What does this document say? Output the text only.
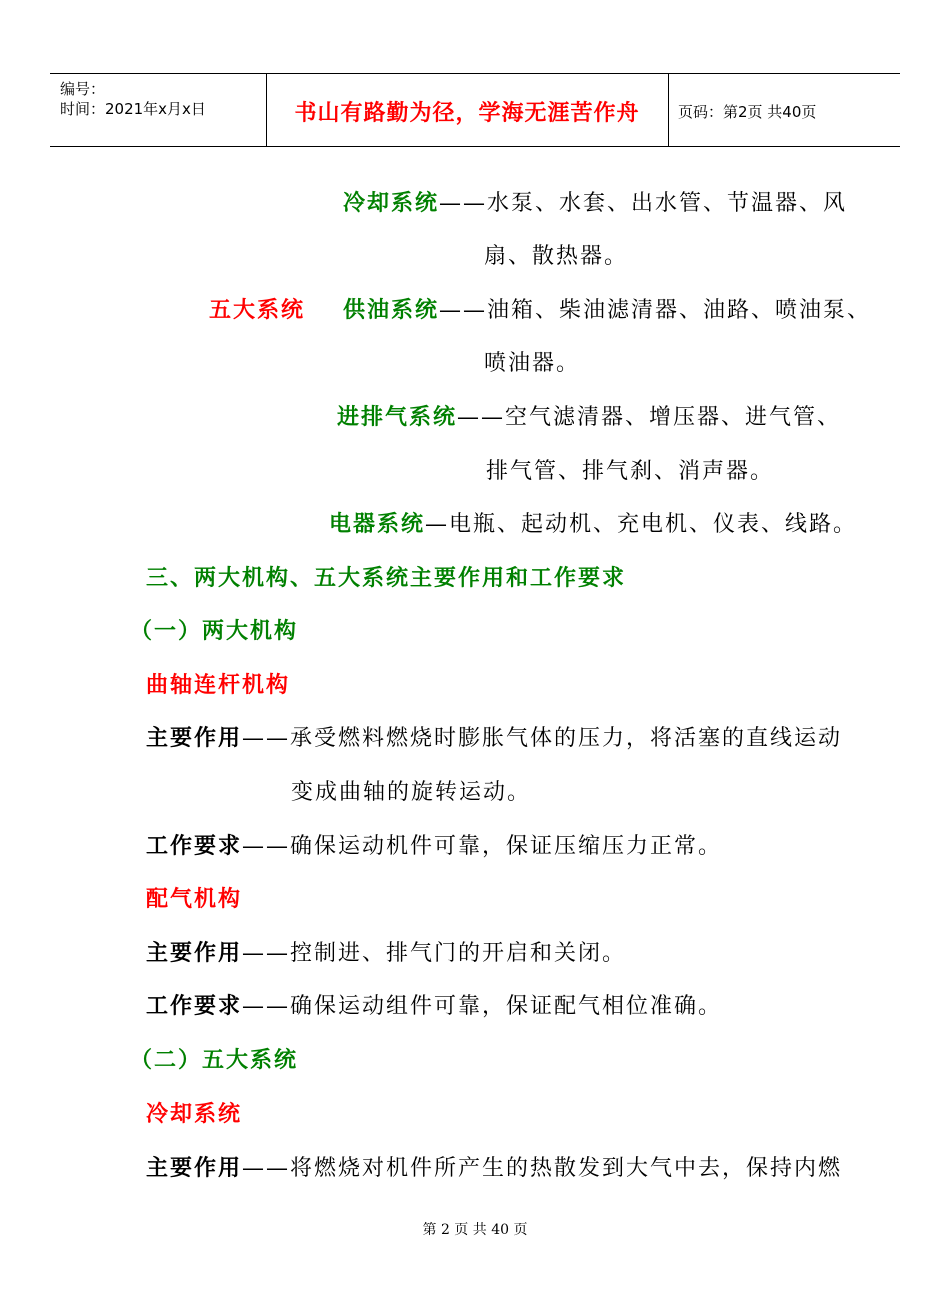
编号：
时间：2021年x月x日	书山有路勤为径，学海无涯苦作舟	页码：第2页 共40页
冷却系统——水泵、水套、出水管、节温器、风
扇、散热器。
五大系统 供油系统——油箱、柴油滤清器、油路、喷油泵、
喷油器。
进排气系统——空气滤清器、增压器、进气管、
排气管、排气刹、消声器。
电器系统—电瓶、起动机、充电机、仪表、线路。
三、两大机构、五大系统主要作用和工作要求
（一）两大机构
曲轴连杆机构
主要作用——承受燃料燃烧时膨胀气体的压力，将活塞的直线运动
变成曲轴的旋转运动。
工作要求——确保运动机件可靠，保证压缩压力正常。
配气机构
主要作用——控制进、排气门的开启和关闭。
工作要求——确保运动组件可靠，保证配气相位准确。
（二）五大系统
冷却系统
主要作用——将燃烧对机件所产生的热散发到大气中去，保持内燃
第 2 页 共 40 页
